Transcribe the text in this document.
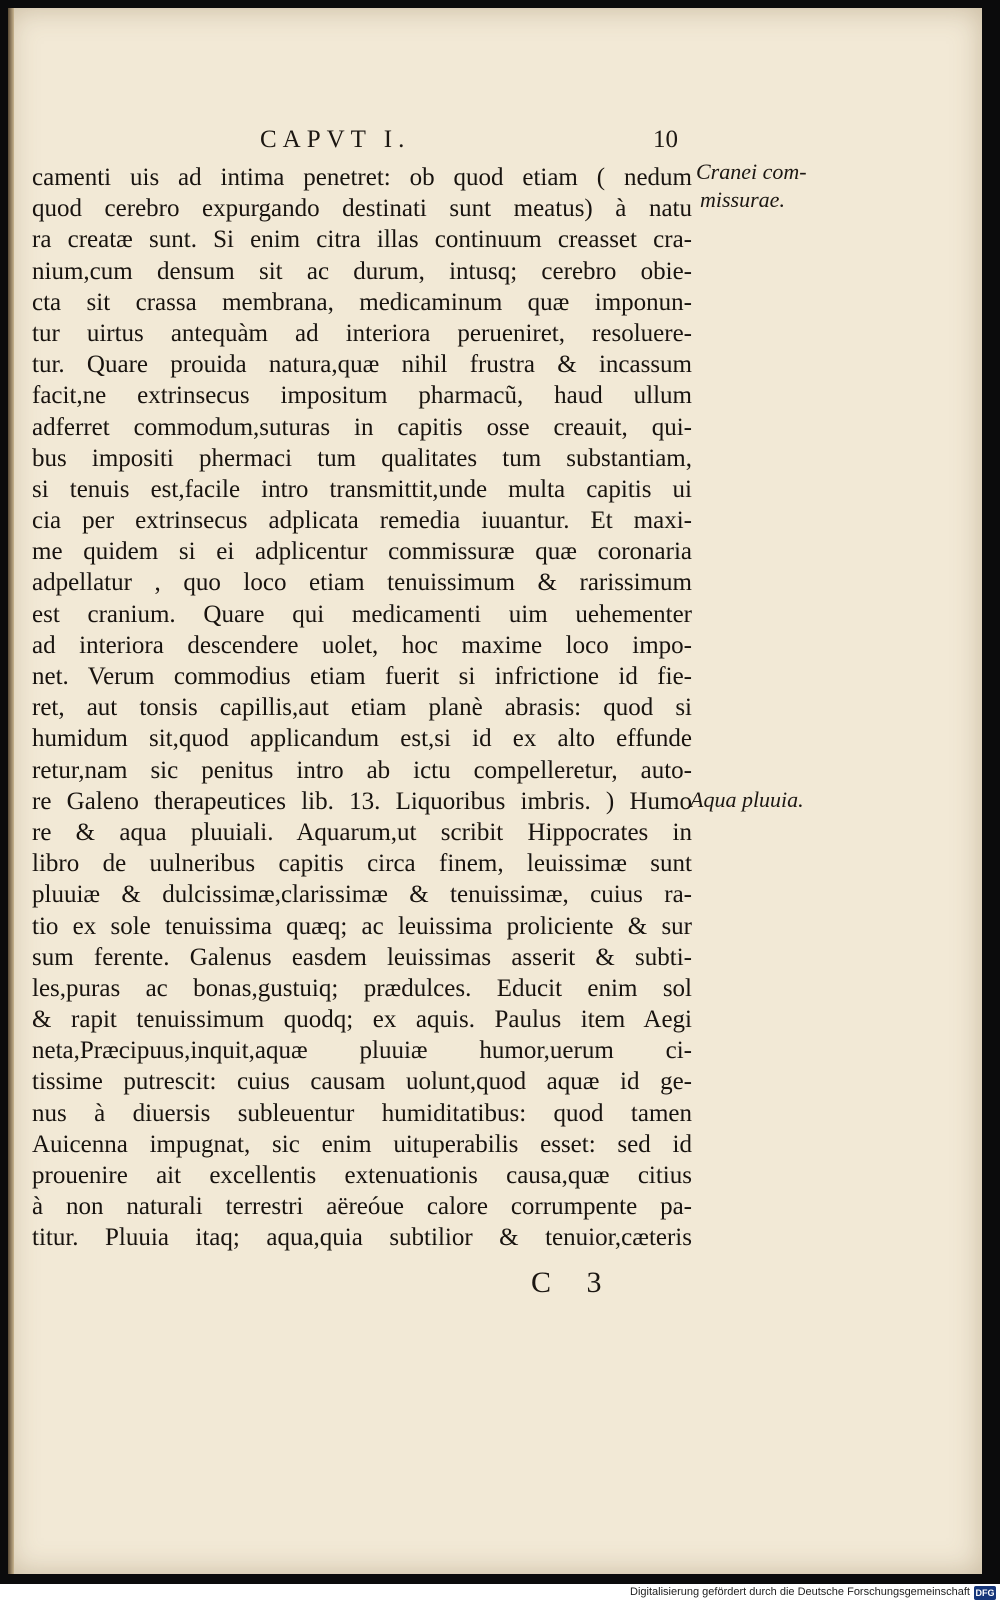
CAPVT I.	10
camenti uis ad intima penetret: ob quod etiam ( nedum
quod cerebro expurgando destinati sunt meatus) à natu
ra creatæ sunt. Si enim citra illas continuum creasset cra-
nium,cum densum sit ac durum, intusq; cerebro obie-
cta sit crassa membrana, medicaminum quæ imponun-
tur uirtus antequàm ad interiora perueniret, resoluere-
tur. Quare prouida natura,quæ nihil frustra & incassum
facit,ne extrinsecus impositum pharmacũ, haud ullum
adferret commodum,suturas in capitis osse creauit, qui-
bus impositi phermaci tum qualitates tum substantiam,
si tenuis est,facile intro transmittit,unde multa capitis ui
cia per extrinsecus adplicata remedia iuuantur. Et maxi-
me quidem si ei adplicentur commissuræ quæ coronaria
adpellatur , quo loco etiam tenuissimum & rarissimum
est cranium. Quare qui medicamenti uim uehementer
ad interiora descendere uolet, hoc maxime loco impo-
net. Verum commodius etiam fuerit si infrictione id fie-
ret, aut tonsis capillis,aut etiam planè abrasis: quod si
humidum sit,quod applicandum est,si id ex alto effunde
retur,nam sic penitus intro ab ictu compelleretur, auto-
re Galeno therapeutices lib. 13. Liquoribus imbris. ) Humo
re & aqua pluuiali. Aquarum,ut scribit Hippocrates in
libro de uulneribus capitis circa finem, leuissimæ sunt
pluuiæ & dulcissimæ,clarissimæ & tenuissimæ, cuius ra-
tio ex sole tenuissima quæq; ac leuissima proliciente & sur
sum ferente. Galenus easdem leuissimas asserit & subti-
les,puras ac bonas,gustuiq; prædulces. Educit enim sol
& rapit tenuissimum quodq; ex aquis. Paulus item Aegi
neta,Præcipuus,inquit,aquæ pluuiæ humor,uerum ci-
tissime putrescit: cuius causam uolunt,quod aquæ id ge-
nus à diuersis subleuentur humiditatibus: quod tamen
Auicenna impugnat, sic enim uituperabilis esset: sed id
prouenire ait excellentis extenuationis causa,quæ citius
à non naturali terrestri aëreóue calore corrumpente pa-
titur. Pluuia itaq; aqua,quia subtilior & tenuior,cæteris
Cranei com-
missurae.
Aqua pluuia.
C 3
Digitalisierung gefördert durch die Deutsche Forschungsgemeinschaft DFG
